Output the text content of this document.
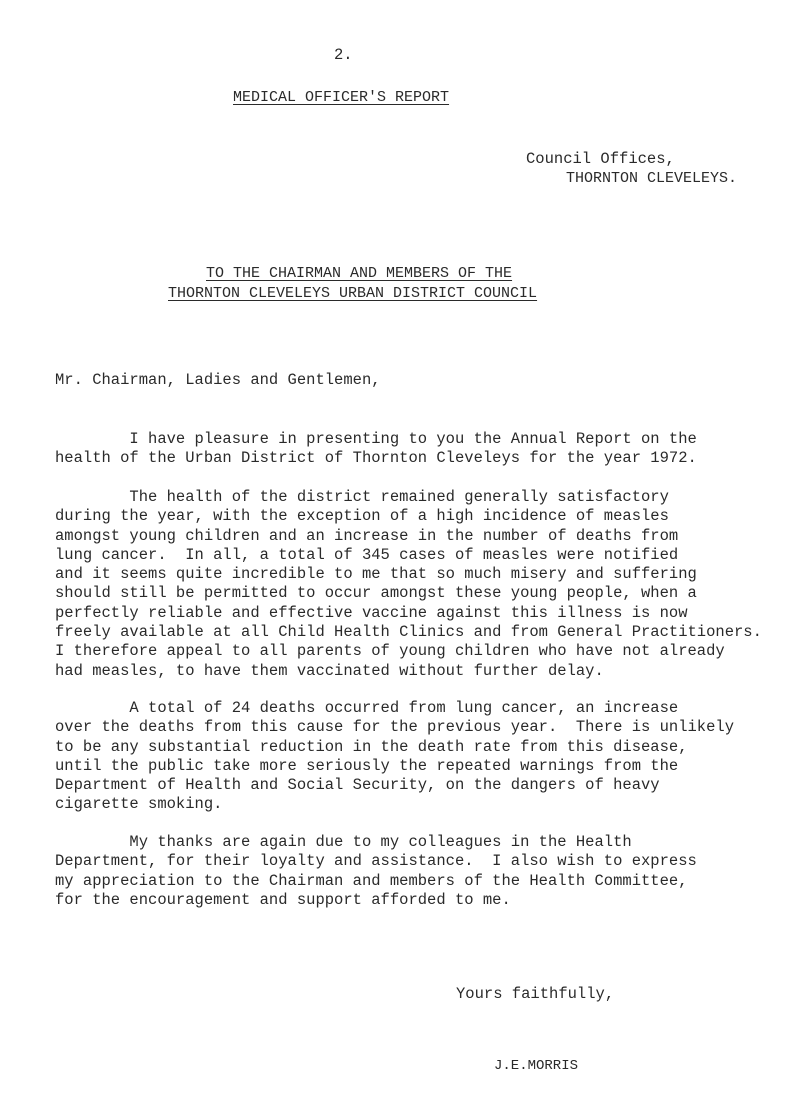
2.
MEDICAL OFFICER'S REPORT
Council Offices,
THORNTON CLEVELEYS.
TO THE CHAIRMAN AND MEMBERS OF THE
THORNTON CLEVELEYS URBAN DISTRICT COUNCIL
Mr. Chairman, Ladies and Gentlemen,
I have pleasure in presenting to you the Annual Report on the
health of the Urban District of Thornton Cleveleys for the year 1972.
The health of the district remained generally satisfactory
during the year, with the exception of a high incidence of measles
amongst young children and an increase in the number of deaths from
lung cancer.  In all, a total of 345 cases of measles were notified
and it seems quite incredible to me that so much misery and suffering
should still be permitted to occur amongst these young people, when a
perfectly reliable and effective vaccine against this illness is now
freely available at all Child Health Clinics and from General Practitioners.
I therefore appeal to all parents of young children who have not already
had measles, to have them vaccinated without further delay.
A total of 24 deaths occurred from lung cancer, an increase
over the deaths from this cause for the previous year.  There is unlikely
to be any substantial reduction in the death rate from this disease,
until the public take more seriously the repeated warnings from the
Department of Health and Social Security, on the dangers of heavy
cigarette smoking.
My thanks are again due to my colleagues in the Health
Department, for their loyalty and assistance.  I also wish to express
my appreciation to the Chairman and members of the Health Committee,
for the encouragement and support afforded to me.
Yours faithfully,
J.E.MORRIS
